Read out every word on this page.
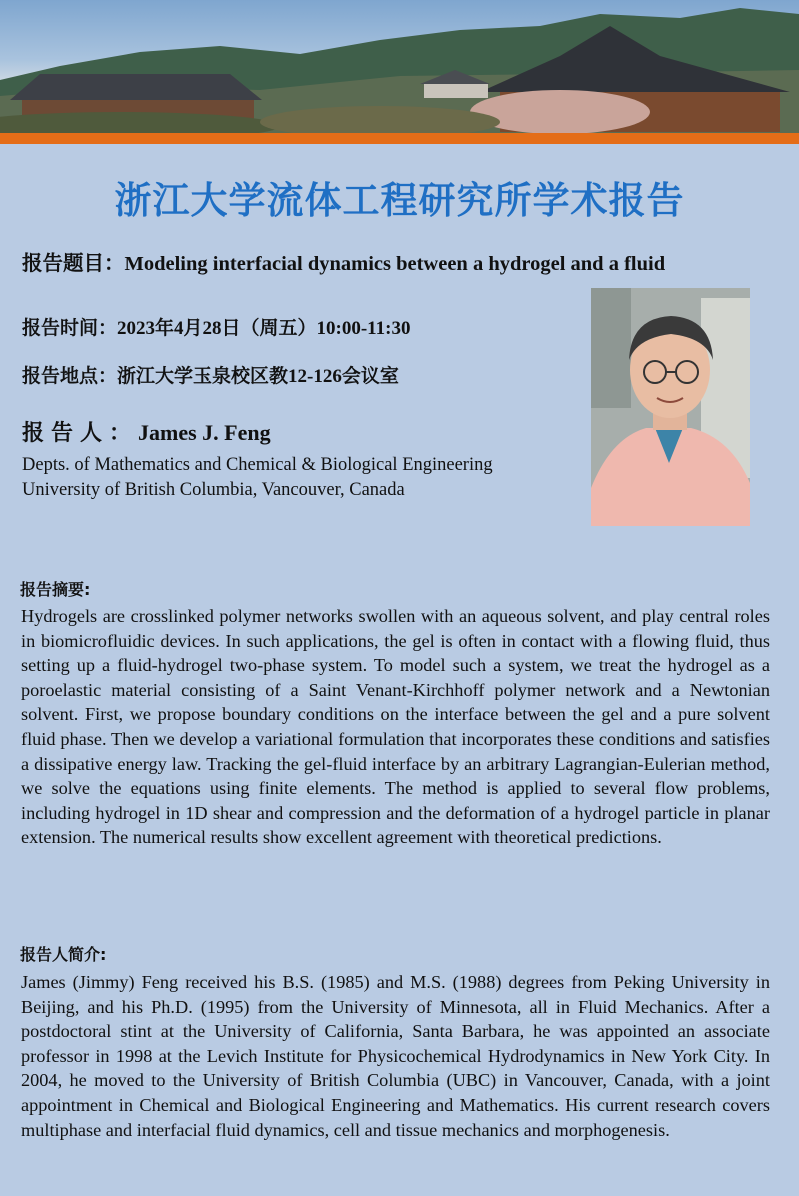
浙江大学流体工程研究所学术报告
报告题目：Modeling interfacial dynamics between a hydrogel and a fluid
报告时间：2023年4月28日（周五）10:00-11:30
报告地点：浙江大学玉泉校区教12-126会议室
报告人：James J. Feng
Depts. of Mathematics and Chemical & Biological Engineering
University of British Columbia, Vancouver, Canada
报告摘要:
Hydrogels are crosslinked polymer networks swollen with an aqueous solvent, and play central roles in biomicrofluidic devices. In such applications, the gel is often in contact with a flowing fluid, thus setting up a fluid-hydrogel two-phase system. To model such a system, we treat the hydrogel as a poroelastic material consisting of a Saint Venant-Kirchhoff polymer network and a Newtonian solvent. First, we propose boundary conditions on the interface between the gel and a pure solvent fluid phase. Then we develop a variational formulation that incorporates these conditions and satisfies a dissipative energy law. Tracking the gel-fluid interface by an arbitrary Lagrangian-Eulerian method, we solve the equations using finite elements. The method is applied to several flow problems, including hydrogel in 1D shear and compression and the deformation of a hydrogel particle in planar extension. The numerical results show excellent agreement with theoretical predictions.
报告人简介:
James (Jimmy) Feng received his B.S. (1985) and M.S. (1988) degrees from Peking University in Beijing, and his Ph.D. (1995) from the University of Minnesota, all in Fluid Mechanics. After a postdoctoral stint at the University of California, Santa Barbara, he was appointed an associate professor in 1998 at the Levich Institute for Physicochemical Hydrodynamics in New York City. In 2004, he moved to the University of British Columbia (UBC) in Vancouver, Canada, with a joint appointment in Chemical and Biological Engineering and Mathematics. His current research covers multiphase and interfacial fluid dynamics, cell and tissue mechanics and morphogenesis.
